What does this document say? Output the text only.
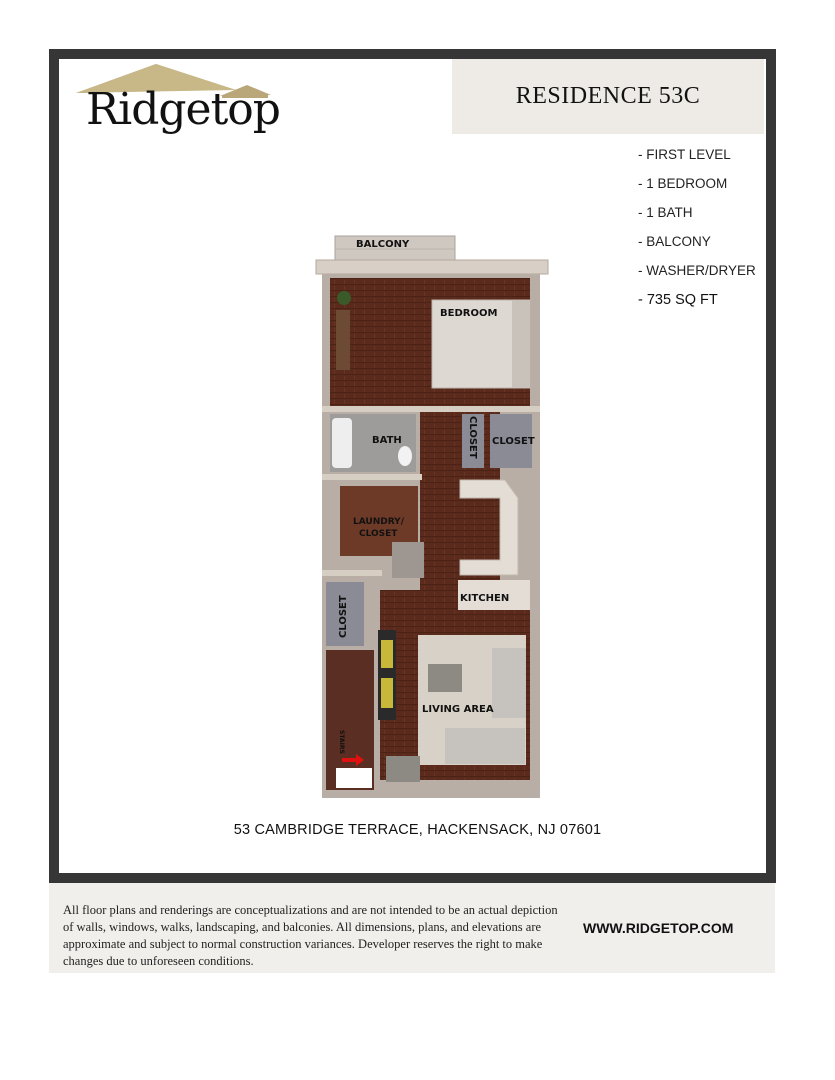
Ridgetop	RESIDENCE 53C
- FIRST LEVEL
- 1 BEDROOM
- 1 BATH
- BALCONY
- WASHER/DRYER
- 735 SQ FT
BALCONY
BATH	CLOSET CLOSET
LAUNDRY/
CLOSET
KITCHEN
CLOSET
STAIRS
LIVING AREA
BEDROOM
53 CAMBRIDGE TERRACE, HACKENSACK, NJ 07601

All floor plans and renderings are conceptualizations and are not intended to be an actual depiction of walls, windows, walks, landscaping, and balconies. All dimensions, plans, and elevations are approximate and subject to normal construction variances. Developer reserves the right to make changes due to unforeseen conditions.

WWW.RIDGETOP.COM
